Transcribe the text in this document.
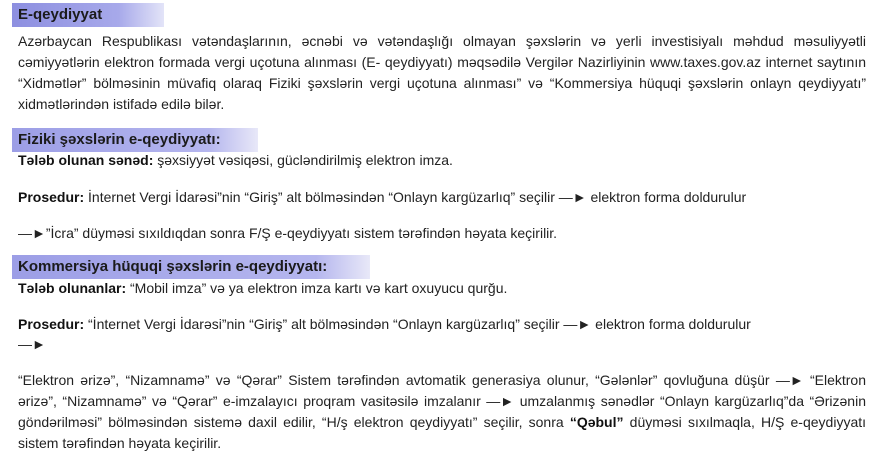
E-qeydiyyat

Azərbaycan Respublikası vətəndaşlarının, əcnəbi və vətəndaşlığı olmayan şəxslərin və yerli investisiyalı məhdud məsuliyyətli cəmiyyətlərin elektron formada vergi uçotuna alınması (E- qeydiyyatı) məqsədilə Vergilər Nazirliyinin www.taxes.gov.az internet saytının “Xidmətlər” bölməsinin müvafiq olaraq Fiziki şəxslərin vergi uçotuna alınması” və “Kommersiya hüquqi şəxslərin onlayn qeydiyyatı” xidmətlərindən istifadə edilə bilər.

Fiziki şəxslərin e-qeydiyyatı:
Tələb olunan sənəd: şəxsiyyət vəsiqəsi, gücləndirilmiş elektron imza.
Prosedur: İnternet Vergi İdarəsi”nin “Giriş” alt bölməsindən “Onlayn kargüzarlıq” seçilir —► elektron forma doldurulur
—►”İcra” düyməsi sıxıldıqdan sonra F/Ş e-qeydiyyatı sistem tərəfindən həyata keçirilir.
Kommersiya hüquqi şəxslərin e-qeydiyyatı:
Tələb olunanlar: “Mobil imza” və ya elektron imza kartı və kart oxuyucu qurğu.
Prosedur: “İnternet Vergi İdarəsi”nin “Giriş” alt bölməsindən “Onlayn kargüzarlıq” seçilir —► elektron forma doldurulur
—►

“Elektron ərizə”, “Nizamnamə” və “Qərar” Sistem tərəfindən avtomatik generasiya olunur, “Gələnlər” qovluğuna düşür —► “Elektron ərizə”, “Nizamnamə” və “Qərar” e-imzalayıcı proqram vasitəsilə imzalanır —► umzalanmış sənədlər “Onlayn kargüzarlıq”da “Ərizənin göndərilməsi” bölməsindən sistemə daxil edilir, “H/ş elektron qeydiyyatı” seçilir, sonra “Qəbul” düyməsi sıxılmaqla, H/Ş e-qeydiyyatı sistem tərəfindən həyata keçirilir.
